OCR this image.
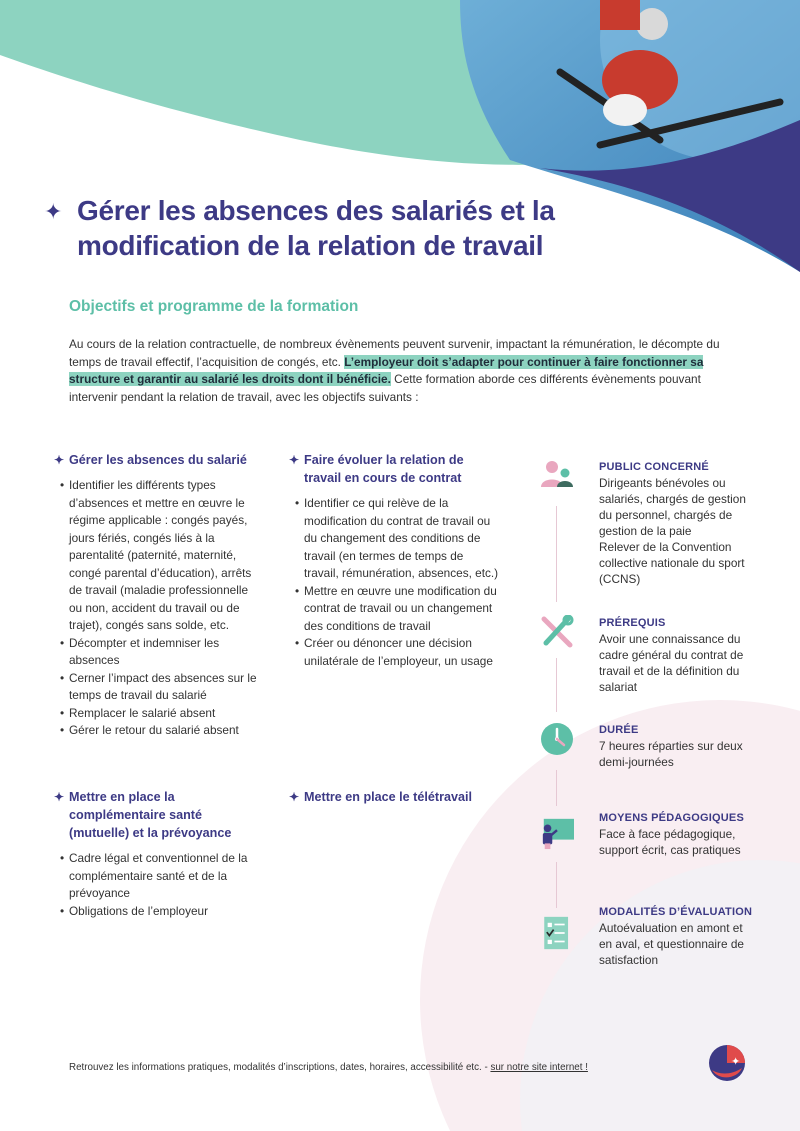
✦ Gérer les absences des salariés et la modification de la relation de travail
Objectifs et programme de la formation
Au cours de la relation contractuelle, de nombreux évènements peuvent survenir, impactant la rémunération, le décompte du temps de travail effectif, l’acquisition de congés, etc. L’employeur doit s’adapter pour continuer à faire fonctionner sa structure et garantir au salarié les droits dont il bénéficie. Cette formation aborde ces différents évènements pouvant intervenir pendant la relation de travail, avec les objectifs suivants :
✦ Gérer les absences du salarié
• Identifier les différents types d’absences et mettre en œuvre le régime applicable : congés payés, jours fériés, congés liés à la parentalité (paternité, maternité, congé parental d’éducation), arrêts de travail (maladie professionnelle ou non, accident du travail ou de trajet), congés sans solde, etc.
• Décompter et indemniser les absences
• Cerner l’impact des absences sur le temps de travail du salarié
• Remplacer le salarié absent
• Gérer le retour du salarié absent
✦ Faire évoluer la relation de travail en cours de contrat
• Identifier ce qui relève de la modification du contrat de travail ou du changement des conditions de travail (en termes de temps de travail, rémunération, absences, etc.)
• Mettre en œuvre une modification du contrat de travail ou un changement des conditions de travail
• Créer ou dénoncer une décision unilatérale de l’employeur, un usage
✦ Mettre en place la complémentaire santé (mutuelle) et la prévoyance
• Cadre légal et conventionnel de la complémentaire santé et de la prévoyance
• Obligations de l’employeur
✦ Mettre en place le télétravail
PUBLIC CONCERNÉ
Dirigeants bénévoles ou salariés, chargés de gestion du personnel, chargés de gestion de la paie
Relever de la Convention collective nationale du sport (CCNS)
PRÉREQUIS
Avoir une connaissance du cadre général du contrat de travail et de la définition du salariat
DURÉE
7 heures réparties sur deux demi-journées
MOYENS PÉDAGOGIQUES
Face à face pédagogique, support écrit, cas pratiques
MODALITÉS D’ÉVALUATION
Autoévaluation en amont et en aval, et questionnaire de satisfaction
Retrouvez les informations pratiques, modalités d’inscriptions, dates, horaires, accessibilité etc. - sur notre site internet !	✦
